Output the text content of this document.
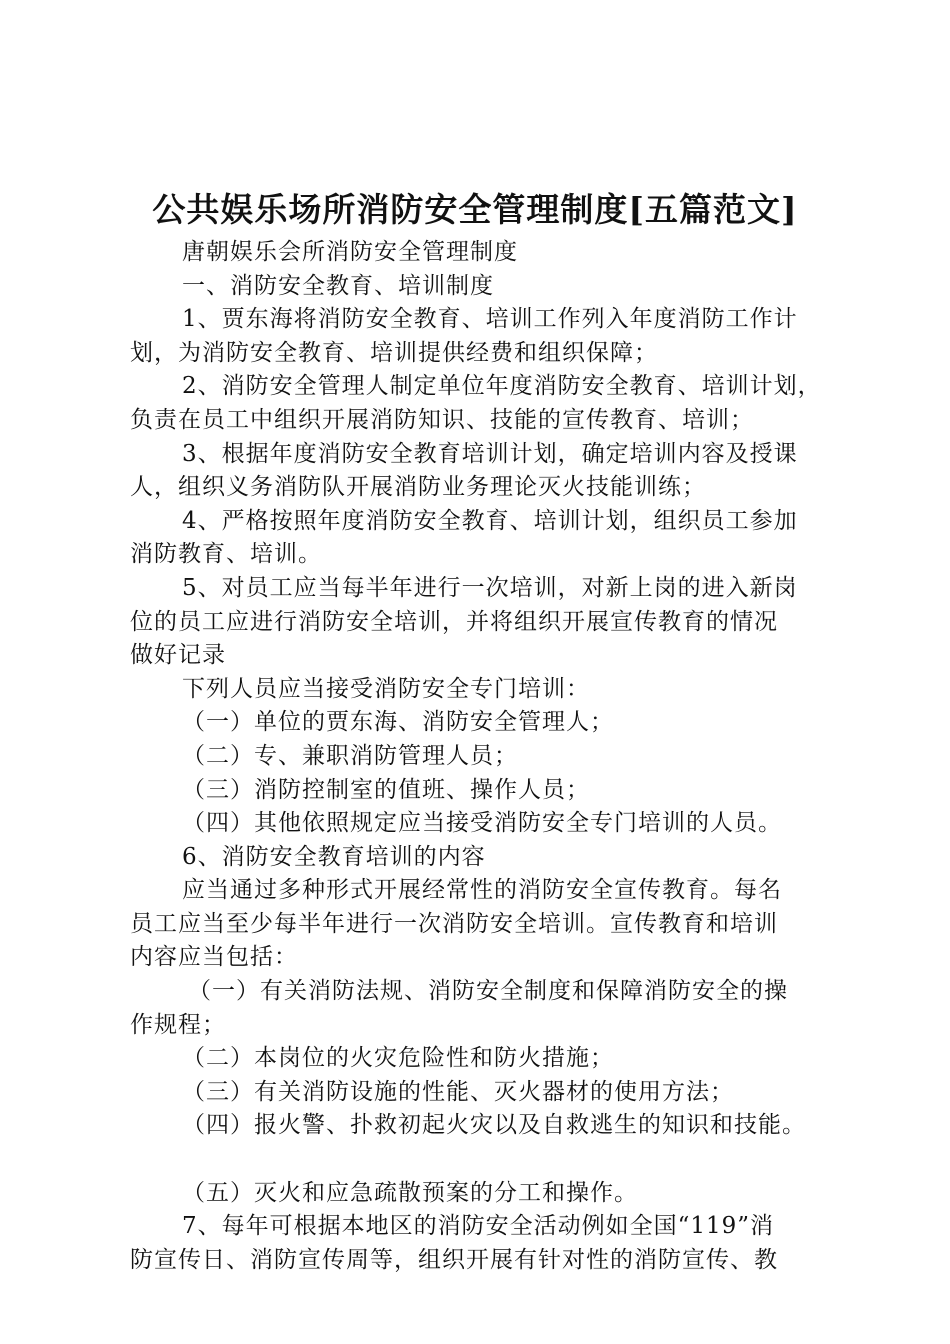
公共娱乐场所消防安全管理制度[五篇范文]
唐朝娱乐会所消防安全管理制度
一、消防安全教育、培训制度
1、贾东海将消防安全教育、培训工作列入年度消防工作计
划，为消防安全教育、培训提供经费和组织保障；
2、消防安全管理人制定单位年度消防安全教育、培训计划，
负责在员工中组织开展消防知识、技能的宣传教育、培训；
3、根据年度消防安全教育培训计划，确定培训内容及授课
人，组织义务消防队开展消防业务理论灭火技能训练；
4、严格按照年度消防安全教育、培训计划，组织员工参加
消防教育、培训。
5、对员工应当每半年进行一次培训，对新上岗的进入新岗
位的员工应进行消防安全培训，并将组织开展宣传教育的情况
做好记录
下列人员应当接受消防安全专门培训：
（一）单位的贾东海、消防安全管理人；
（二）专、兼职消防管理人员；
（三）消防控制室的值班、操作人员；
（四）其他依照规定应当接受消防安全专门培训的人员。
6、消防安全教育培训的内容
应当通过多种形式开展经常性的消防安全宣传教育。每名
员工应当至少每半年进行一次消防安全培训。宣传教育和培训
内容应当包括：
（一）有关消防法规、消防安全制度和保障消防安全的操
作规程；
（二）本岗位的火灾危险性和防火措施；
（三）有关消防设施的性能、灭火器材的使用方法；
（四）报火警、扑救初起火灾以及自救逃生的知识和技能。
（五）灭火和应急疏散预案的分工和操作。
7、每年可根据本地区的消防安全活动例如全国“119”消
防宣传日、消防宣传周等，组织开展有针对性的消防宣传、教
